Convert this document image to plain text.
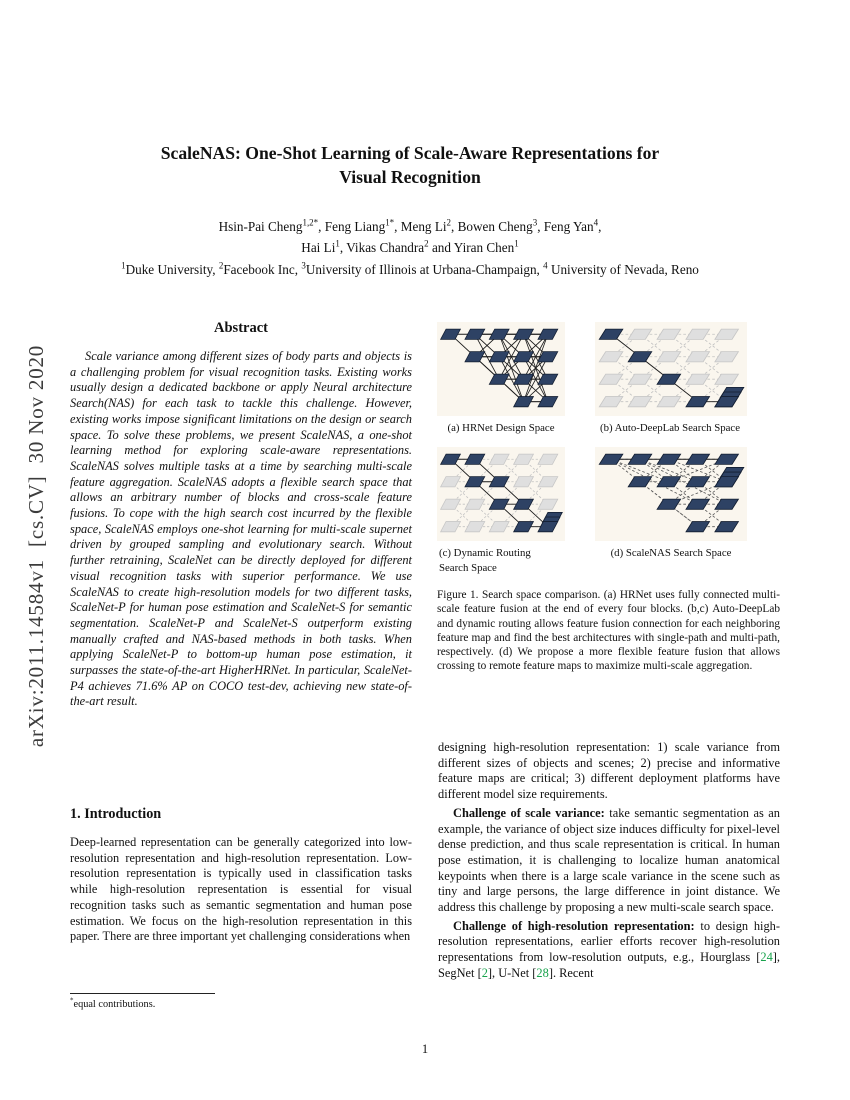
arXiv:2011.14584v1  [cs.CV]  30 Nov 2020
ScaleNAS: One-Shot Learning of Scale-Aware Representations for
Visual Recognition
Hsin-Pai Cheng$^{1,2*}$, Feng Liang$^{1*}$, Meng Li$^2$, Bowen Cheng$^3$, Feng Yan$^4$,
Hai Li$^1$, Vikas Chandra$^2$ and Yiran Chen$^1$
$^1$Duke University, $^2$Facebook Inc, $^3$University of Illinois at Urbana-Champaign, $^4$ University of Nevada, Reno
Abstract

Scale variance among different sizes of body parts and objects is a challenging problem for visual recognition tasks. Existing works usually design a dedicated backbone or apply Neural architecture Search(NAS) for each task to tackle this challenge. However, existing works impose significant limitations on the design or search space. To solve these problems, we present ScaleNAS, a one-shot learning method for exploring scale-aware representations. ScaleNAS solves multiple tasks at a time by searching multi-scale feature aggregation. ScaleNAS adopts a flexible search space that allows an arbitrary number of blocks and cross-scale feature fusions. To cope with the high search cost incurred by the flexible space, ScaleNAS employs one-shot learning for multi-scale supernet driven by grouped sampling and evolutionary search. Without further retraining, ScaleNet can be directly deployed for different visual recognition tasks with superior performance. We use ScaleNAS to create high-resolution models for two different tasks, ScaleNet-P for human pose estimation and ScaleNet-S for semantic segmentation. ScaleNet-P and ScaleNet-S outperform existing manually crafted and NAS-based methods in both tasks. When applying ScaleNet-P to bottom-up human pose estimation, it surpasses the state-of-the-art HigherHRNet. In particular, ScaleNet-P4 achieves 71.6% AP on COCO test-dev, achieving new state-of-the-art result.

1. Introduction

Deep-learned representation can be generally categorized into low-resolution representation and high-resolution representation. Low-resolution representation is typically used in classification tasks while high-resolution representation is essential for visual recognition tasks such as semantic segmentation and human pose estimation. We focus on the high-resolution representation in this paper. There are three important yet challenging considerations when

*equal contributions.
(a) HRNet Design Space	(b) Auto-DeepLab Search Space
(c) Dynamic Routing
Search Space
(d) ScaleNAS Search Space

Figure 1. Search space comparison. (a) HRNet uses fully connected multi-scale feature fusion at the end of every four blocks. (b,c) Auto-DeepLab and dynamic routing allows feature fusion connection for each neighboring feature map and find the best architectures with single-path and multi-path, respectively. (d) We propose a more flexible feature fusion that allows crossing to remote feature maps to maximize multi-scale aggregation.

designing high-resolution representation: 1) scale variance from different sizes of objects and scenes; 2) precise and informative feature maps are critical; 3) different deployment platforms have different model size requirements.

Challenge of scale variance: take semantic segmentation as an example, the variance of object size induces difficulty for pixel-level dense prediction, and thus scale representation is critical. In human pose estimation, it is challenging to localize human anatomical keypoints when there is a large scale variance in the scene such as tiny and large persons, the large difference in joint distance. We address this challenge by proposing a new multi-scale search space.

Challenge of high-resolution representation: to design high-resolution representations, earlier efforts recover high-resolution representations from low-resolution outputs, e.g., Hourglass [24], SegNet [2], U-Net [28]. Recent

1
